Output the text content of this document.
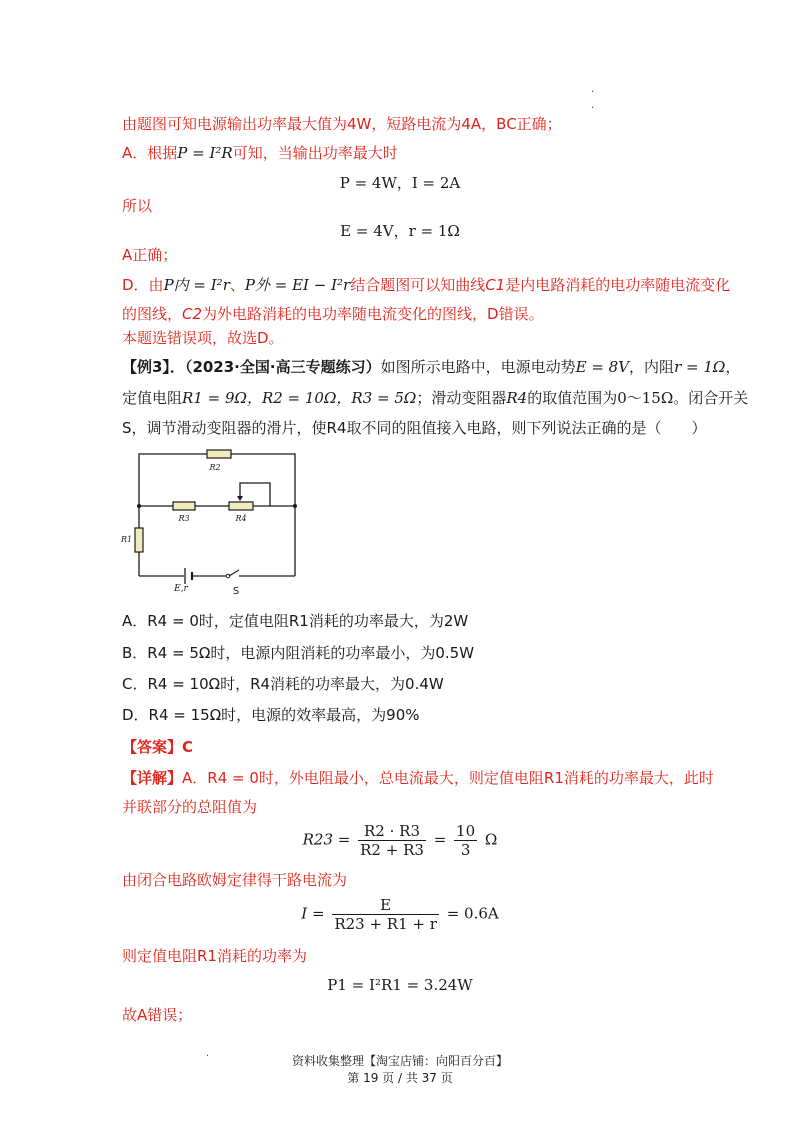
.
.
由题图可知电源输出功率最大值为4W，短路电流为4A，BC正确；
A．根据P = I²R可知，当输出功率最大时
P = 4W，I = 2A
所以
E = 4V，r = 1Ω
A正确；
D．由P内 = I²r、P外 = EI − I²r结合题图可以知曲线C1是内电路消耗的电功率随电流变化
的图线，C2为外电路消耗的电功率随电流变化的图线，D错误。
本题选错误项，故选D。
【例3】．（2023·全国·高三专题练习）如图所示电路中，电源电动势E = 8V，内阻r = 1Ω，
定值电阻R1 = 9Ω，R2 = 10Ω，R3 = 5Ω；滑动变阻器R4的取值范围为0～15Ω。闭合开关
S，调节滑动变阻器的滑片，使R4取不同的阻值接入电路，则下列说法正确的是（　　）
R2
R3	R4
R1
E,r	S
A．R4 = 0时，定值电阻R1消耗的功率最大，为2W
B．R4 = 5Ω时，电源内阻消耗的功率最小，为0.5W
C．R4 = 10Ω时，R4消耗的功率最大，为0.4W
D．R4 = 15Ω时，电源的效率最高，为90%
【答案】C
【详解】A．R4 = 0时，外电阻最小，总电流最大，则定值电阻R1消耗的功率最大，此时
并联部分的总阻值为
$R23 = \frac{R2 \cdot R3}{R2 + R3} = \frac{10}{3}$ Ω
由闭合电路欧姆定律得干路电流为
$I = \frac{E}{R23 + R1 + r} = 0.6A$
则定值电阻R1消耗的功率为
P1 = I²R1 = 3.24W
故A错误；
.
资料收集整理【淘宝店铺：向阳百分百】
第 19 页 / 共 37 页
